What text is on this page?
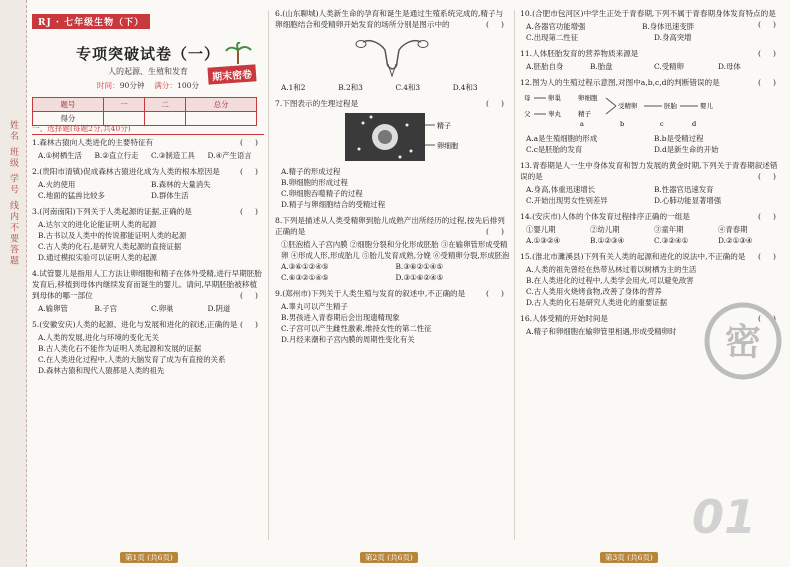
姓名 班级 学号 线内不要答题
RJ · 七年级生物（下）
期末密卷
专项突破试卷（一）
人的起源、生殖和发育
时间：90分钟 满分：100分
题号	一	二	总分
得分			
一、选择题(每题2分,共40分)
1.森林古猿向人类进化的主要特征有	(     )
A.①树栖生活	B.②直立行走	C.③制造工具	D.④产生语言
2.(贵阳市清镇)促成森林古猿进化成为人类的根本原因是	(     )
A.火的使用	B.森林的大量消失
C.地面的猛兽比较多	D.群体生活
3.(河南南阳)下列关于人类起源的证据,正确的是	(     )
A.达尔文的进化论能证明人类的起源
B.古书以及人类中的传说都能证明人类的起源
C.古人类的化石,是研究人类起源的直接证据
D.通过模拟实验可以证明人类的起源
4.试管婴儿是指用人工方法让卵细胞和精子在体外受精,进行早期胚胎发育后,移植到母体内继续发育而诞生的婴儿。请问,早期胚胎被移植到母体的哪一部位	(     )
A.输卵管	B.子宫	C.卵巢	D.阴道
5.(安徽安庆)人类的起源、进化与发展和进化的叙述,正确的是 (     )
A.人类的发展,进化与环境的变化无关
B.古人类化石不能作为证明人类起源和发展的证据
C.在人类进化过程中,人类的大脑发育了成为有直接的关系
D.森林古猿和现代人猿都是人类的祖先
第1页 (共6页)
6.(山东聊城)人类新生命的孕育和诞生是通过生殖系统完成的,精子与卵细胞结合和受精卵开始发育的场所分别是图示中的	(     )
A.1和2	B.2和3	C.4和3	D.4和3
7.下图表示的生理过程是	(     )
精子
卵细胞
A.精子的形成过程
B.卵细胞的形成过程
C.卵细胞吞噬精子的过程
D.精子与卵细胞结合的受精过程
8.下列是描述从人类受精卵到胎儿成熟产出所经历的过程,按先后排列正确的是	(     )
①胚泡植入子宫内膜 ②细胞分裂和分化形成胚胎 ③在输卵管形成受精卵 ④形成人形,形成胎儿 ⑤胎儿发育成熟,分娩 ⑥受精卵分裂,形成胚泡
A.③⑥①②④⑤	B.③⑥②①④⑤
C.⑥③②①④⑤	D.③①⑥②④⑤
9.(郑州市)下列关于人类生殖与发育的叙述中,不正确的是	(     )
A.睾丸可以产生精子
B.男孩进入青春期后会出现遗精现象
C.子宫可以产生雌性激素,维持女性的第二性征
D.月经来潮和子宫内膜的周期性变化有关
第2页 (共6页)
10.(合肥市包河区)中学生正处于青春期,下列不属于青春期身体发育特点的是
(     )
A.各器官功能增强	B.身体迅速变胖
C.出现第二性征	D.身高突增
11.人体胚胎发育的营养物质来源是	(     )
A.胚胎自身	B.胎盘	C.受精卵	D.母体
12.图为人的生殖过程示意图,对图中a,b,c,d的判断错误的是	(     )
母
父
卵巢
睾丸
卵细胞
精子
受精卵	胚胎	婴儿
a	b	c	d
A.a是生殖细胞的形成	B.b是受精过程
C.c是胚胎的发育	D.d是新生命的开始
13.青春期是人一生中身体发育和智力发展的黄金时期,下列关于青春期叙述错误的是	(     )
A.身高,体重迅速增长	B.性器官迅速发育
C.开始出现男女性别差异	D.心肺功能显著增强
14.(安庆市)人体的个体发育过程排序正确的一组是	(     )
①婴儿期	②幼儿期	③童年期	④青春期
A.①③②④	B.①②③④	C.③②④①	D.②①③④
15.(淮北市濉溪县)下列有关人类的起源和进化的说法中,不正确的是 (     )
A.人类的祖先曾经在热带丛林过着以树栖为主的生活
B.在人类进化的过程中,人类学会用火,可以避免敌害
C.古人类用火烧烤食物,改善了身体的营养
D.古人类的化石是研究人类进化的重要证据
16.人体受精的开始时间是	(     )
A.精子和卵细胞在输卵管里相遇,形成受精卵时	密
01
第3页 (共6页)
